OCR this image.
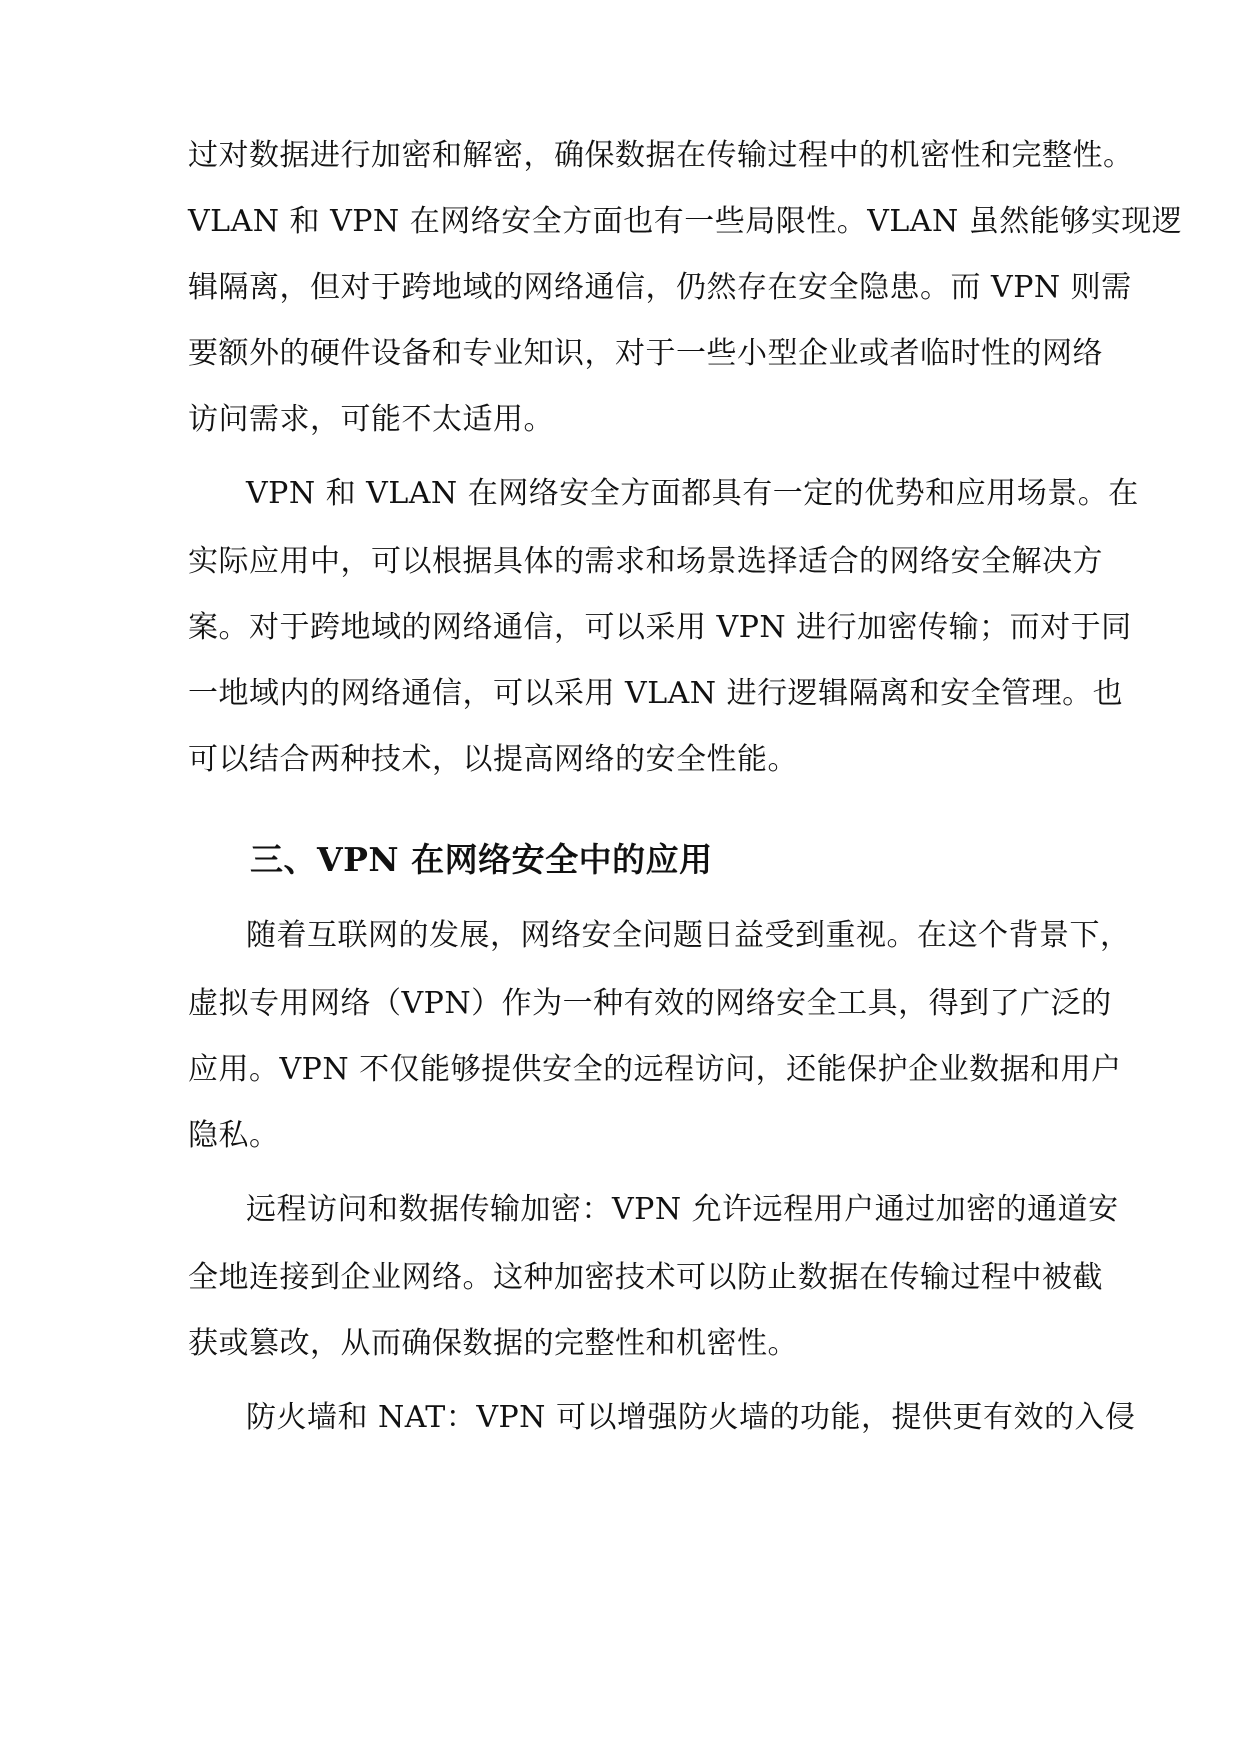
过对数据进行加密和解密，确保数据在传输过程中的机密性和完整性。
VLAN 和 VPN 在网络安全方面也有一些局限性。VLAN 虽然能够实现逻
辑隔离，但对于跨地域的网络通信，仍然存在安全隐患。而 VPN 则需
要额外的硬件设备和专业知识，对于一些小型企业或者临时性的网络
访问需求，可能不太适用。
VPN 和 VLAN 在网络安全方面都具有一定的优势和应用场景。在
实际应用中，可以根据具体的需求和场景选择适合的网络安全解决方
案。对于跨地域的网络通信，可以采用 VPN 进行加密传输；而对于同
一地域内的网络通信，可以采用 VLAN 进行逻辑隔离和安全管理。也
可以结合两种技术，以提高网络的安全性能。
三、VPN 在网络安全中的应用
随着互联网的发展，网络安全问题日益受到重视。在这个背景下，
虚拟专用网络（VPN）作为一种有效的网络安全工具，得到了广泛的
应用。VPN 不仅能够提供安全的远程访问，还能保护企业数据和用户
隐私。
远程访问和数据传输加密：VPN 允许远程用户通过加密的通道安
全地连接到企业网络。这种加密技术可以防止数据在传输过程中被截
获或篡改，从而确保数据的完整性和机密性。
防火墙和 NAT：VPN 可以增强防火墙的功能，提供更有效的入侵
